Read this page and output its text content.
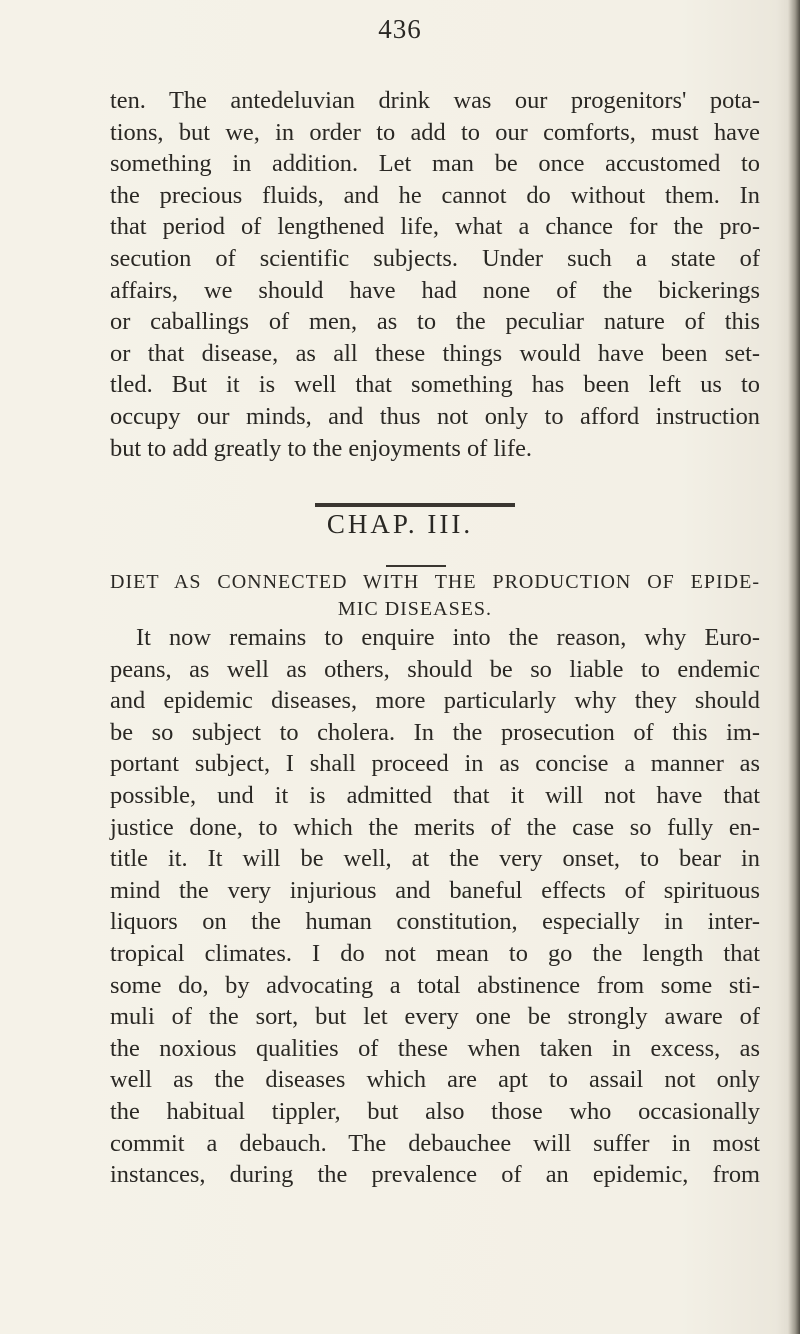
436
ten. The antedeluvian drink was our progenitors' pota-
tions, but we, in order to add to our comforts, must have
something in addition. Let man be once accustomed to
the precious fluids, and he cannot do without them. In
that period of lengthened life, what a chance for the pro-
secution of scientific subjects. Under such a state of
affairs, we should have had none of the bickerings
or caballings of men, as to the peculiar nature of this
or that disease, as all these things would have been set-
tled. But it is well that something has been left us to
occupy our minds, and thus not only to afford instruction
but to add greatly to the enjoyments of life.
CHAP. III.
DIET AS CONNECTED WITH THE PRODUCTION OF EPIDE-
MIC DISEASES.
It now remains to enquire into the reason, why Euro-
peans, as well as others, should be so liable to endemic
and epidemic diseases, more particularly why they should
be so subject to cholera. In the prosecution of this im-
portant subject, I shall proceed in as concise a manner as
possible, und it is admitted that it will not have that
justice done, to which the merits of the case so fully en-
title it. It will be well, at the very onset, to bear in
mind the very injurious and baneful effects of spirituous
liquors on the human constitution, especially in inter-
tropical climates. I do not mean to go the length that
some do, by advocating a total abstinence from some sti-
muli of the sort, but let every one be strongly aware of
the noxious qualities of these when taken in excess, as
well as the diseases which are apt to assail not only
the habitual tippler, but also those who occasionally
commit a debauch. The debauchee will suffer in most
instances, during the prevalence of an epidemic, from
